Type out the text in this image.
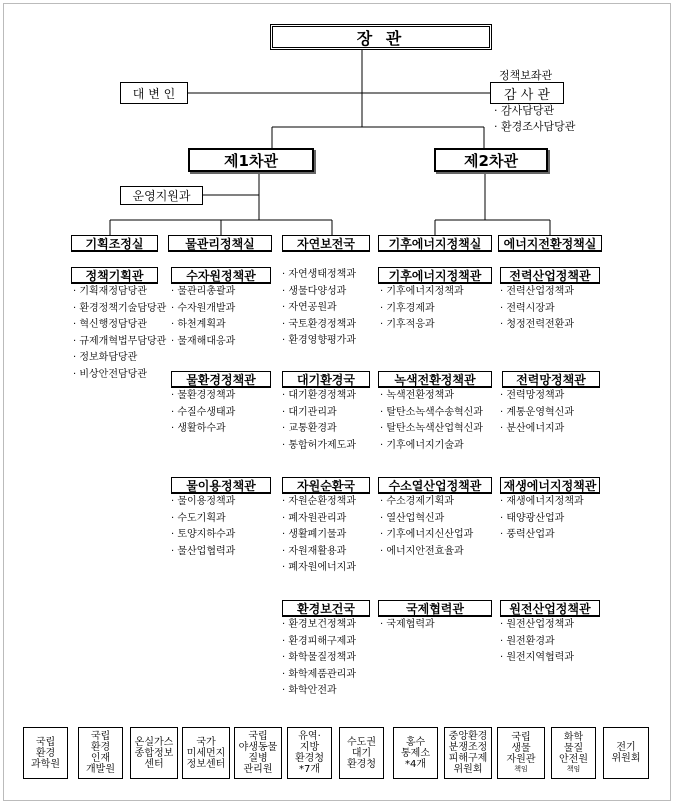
장 관
대 변 인
정책보좌관
감 사 관
· 감사담당관
· 환경조사담당관
제1차관	제2차관
운영지원과
기획조정실	물관리정책실	자연보전국	기후에너지정책실 에너지전환정책실
정책기획관
· 기획재정담당관
· 환경정책기술담당관
· 혁신행정담당관
· 규제개혁법무담당관
· 정보화담당관
· 비상안전담당관
수자원정책관
· 물관리총괄과
· 수자원개발과
· 하천계획과
· 물재해대응과
· 자연생태정책과
· 생물다양성과
· 자연공원과
· 국토환경정책과
· 환경영향평가과
기후에너지정책관
· 기후에너지정책과
· 기후경제과
· 기후적응과
전력산업정책관
· 전력산업정책과
· 전력시장과
· 청정전력전환과
물환경정책관
· 물환경정책과
· 수질수생태과
· 생활하수과
대기환경국
· 대기환경정책과
· 대기관리과
· 교통환경과
· 통합허가제도과
녹색전환정책관
· 녹색전환정책과
· 탈탄소녹색수송혁신과
· 탈탄소녹색산업혁신과
· 기후에너지기술과
전력망정책관
· 전력망정책과
· 계통운영혁신과
· 분산에너지과
물이용정책관
· 물이용정책과
· 수도기획과
· 토양지하수과
· 물산업협력과
자원순환국
· 자원순환정책과
· 폐자원관리과
· 생활폐기물과
· 자원재활용과
· 폐자원에너지과
수소열산업정책관
· 수소경제기획과
· 열산업혁신과
· 기후에너지신산업과
· 에너지안전효율과
재생에너지정책관
· 재생에너지정책과
· 태양광산업과
· 풍력산업과
환경보건국
· 환경보건정책과
· 환경피해구제과
· 화학물질정책과
· 화학제품관리과
· 화학안전과
국제협력관
· 국제협력과
원전산업정책관
· 원전산업정책과
· 원전환경과
· 원전지역협력과
국립
환경
과학원
국립
환경
인재
개발원
온실가스
종합정보
센터
국가
미세먼지
정보센터
국립
야생동물
질병
관리원
유역·
지방
환경청
*7개
수도권
대기
환경청
홍수
통제소
*4개
중앙환경
분쟁조정
피해구제
위원회
국립
생물
자원관
책임
화학
물질
안전원
책임
전기
위원회
